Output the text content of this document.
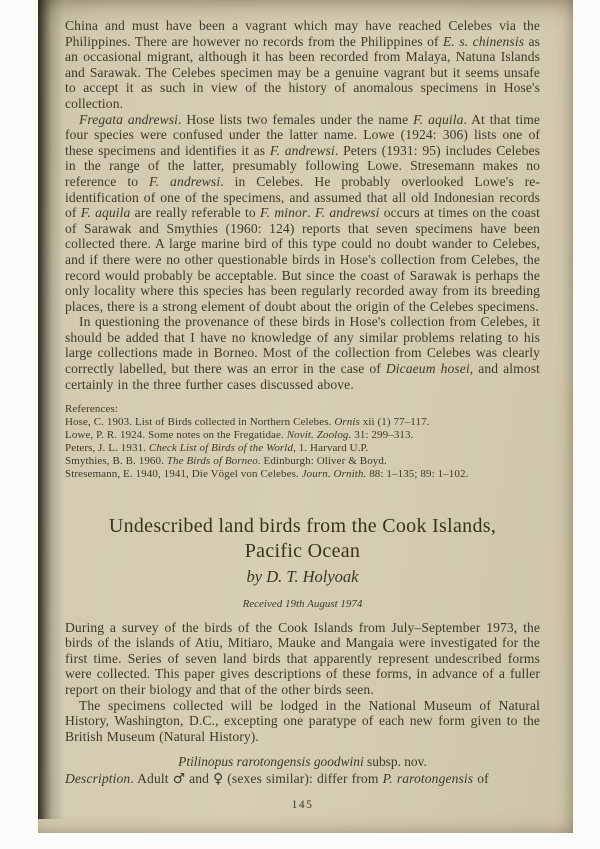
China and must have been a vagrant which may have reached Celebes via the Philippines. There are however no records from the Philippines of E. s. chinensis as an occasional migrant, although it has been recorded from Malaya, Natuna Islands and Sarawak. The Celebes specimen may be a genuine vagrant but it seems unsafe to accept it as such in view of the history of anomalous specimens in Hose's collection.

Fregata andrewsi. Hose lists two females under the name F. aquila. At that time four species were confused under the latter name. Lowe (1924: 306) lists one of these specimens and identifies it as F. andrewsi. Peters (1931: 95) includes Celebes in the range of the latter, presumably following Lowe. Stresemann makes no reference to F. andrewsi. in Celebes. He probably overlooked Lowe's re-identification of one of the specimens, and assumed that all old Indonesian records of F. aquila are really referable to F. minor. F. andrewsi occurs at times on the coast of Sarawak and Smythies (1960: 124) reports that seven specimens have been collected there. A large marine bird of this type could no doubt wander to Celebes, and if there were no other questionable birds in Hose's collection from Celebes, the record would probably be acceptable. But since the coast of Sarawak is perhaps the only locality where this species has been regularly recorded away from its breeding places, there is a strong element of doubt about the origin of the Celebes specimens.

In questioning the provenance of these birds in Hose's collection from Celebes, it should be added that I have no knowledge of any similar problems relating to his large collections made in Borneo. Most of the collection from Celebes was clearly correctly labelled, but there was an error in the case of Dicaeum hosei, and almost certainly in the three further cases discussed above.

References:
Hose, C. 1903. List of Birds collected in Northern Celebes. Ornis xii (1) 77–117.
Lowe, P. R. 1924. Some notes on the Fregatidae. Novit. Zoolog. 31: 299–313.
Peters, J. L. 1931. Check List of Birds of the World, 1. Harvard U.P.
Smythies, B. B. 1960. The Birds of Borneo. Edinburgh: Oliver & Boyd.
Stresemann, E. 1940, 1941, Die Vögel von Celebes. Journ. Ornith. 88: 1–135; 89: 1–102.
Undescribed land birds from the Cook Islands,
Pacific Ocean
by D. T. Holyoak
Received 19th August 1974

During a survey of the birds of the Cook Islands from July–September 1973, the birds of the islands of Atiu, Mitiaro, Mauke and Mangaia were investigated for the first time. Series of seven land birds that apparently represent undescribed forms were collected. This paper gives descriptions of these forms, in advance of a fuller report on their biology and that of the other birds seen.

The specimens collected will be lodged in the National Museum of Natural History, Washington, D.C., excepting one paratype of each new form given to the British Museum (Natural History).

Ptilinopus rarotongensis goodwini subsp. nov.

Description. Adult ♂ and ♀ (sexes similar): differ from P. rarotongensis of

145
